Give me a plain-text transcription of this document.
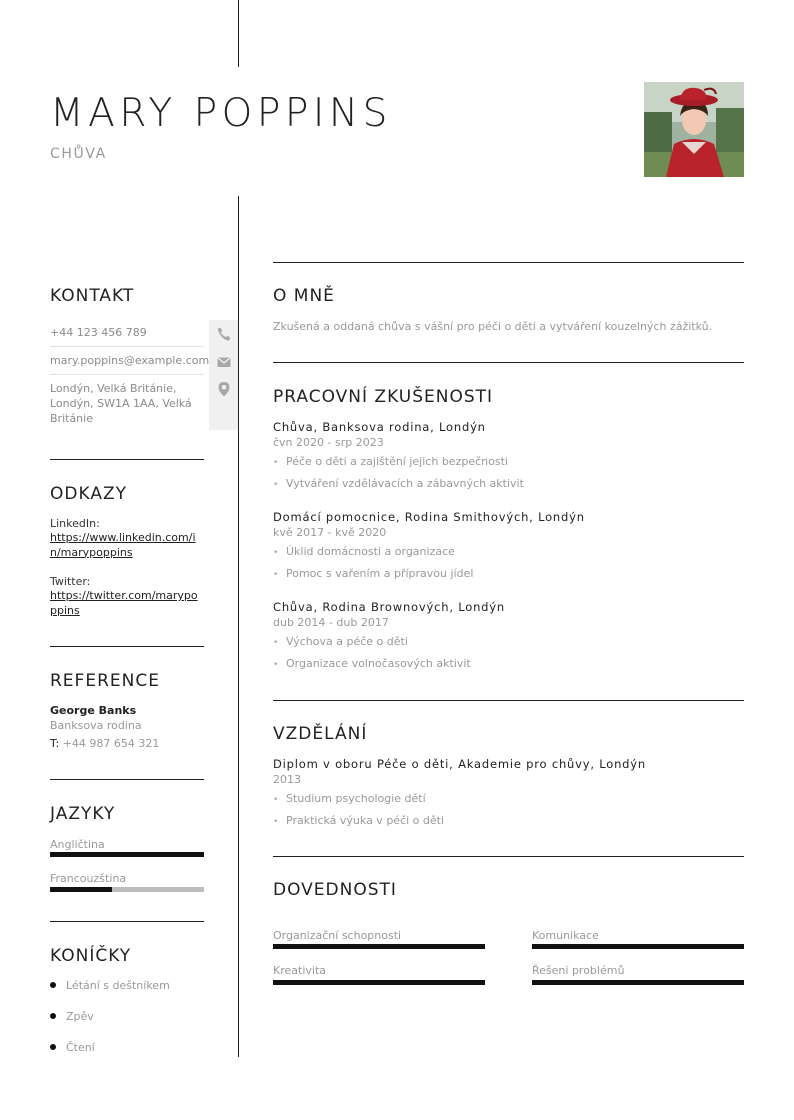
MARY POPPINS
CHŮVA
KONTAKT
+44 123 456 789
mary.poppins@example.com
Londýn, Velká Británie, Londýn, SW1A 1AA, Velká Británie
ODKAZY
LinkedIn:
https://www.linkedin.com/in/marypoppins
Twitter:
https://twitter.com/marypoppins
REFERENCE
George Banks
Banksova rodina
T: +44 987 654 321
JAZYKY
Angličtina
Francouzština
KONÍČKY
Létání s deštníkem
Zpěv
Čtení
O MNĚ
Zkušená a oddaná chůva s vášní pro péči o děti a vytváření kouzelných zážitků.
PRACOVNÍ ZKUŠENOSTI
Chůva, Banksova rodina, Londýn
čvn 2020 - srp 2023
• Péče o děti a zajištění jejich bezpečnosti
• Vytváření vzdělávacích a zábavných aktivit
Domácí pomocnice, Rodina Smithových, Londýn
kvě 2017 - kvě 2020
• Úklid domácnosti a organizace
• Pomoc s vařením a přípravou jídel
Chůva, Rodina Brownových, Londýn
dub 2014 - dub 2017
• Výchova a péče o děti
• Organizace volnočasových aktivit
VZDĚLÁNÍ
Diplom v oboru Péče o děti, Akademie pro chůvy, Londýn
2013
• Studium psychologie dětí
• Praktická výuka v péči o děti
DOVEDNOSTI
Organizační schopnosti	Komunikace
Kreativita	Řešení problémů
